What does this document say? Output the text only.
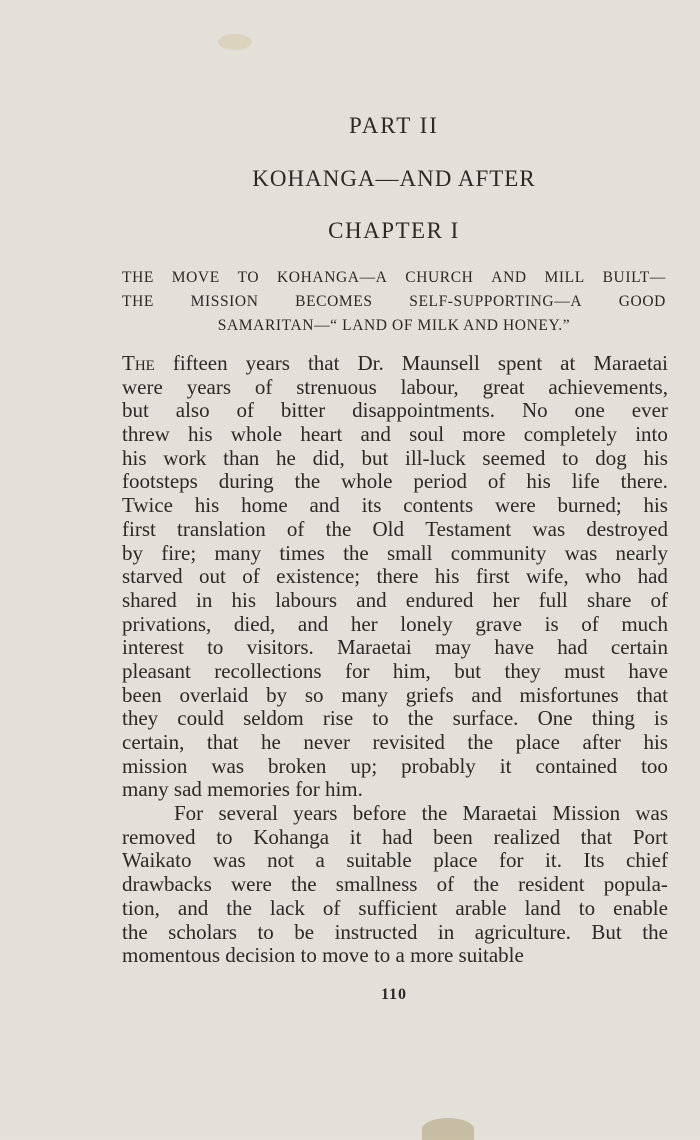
PART II
KOHANGA—AND AFTER
CHAPTER I
THE MOVE TO KOHANGA—A CHURCH AND MILL BUILT—
THE MISSION BECOMES SELF-SUPPORTING—A GOOD
SAMARITAN—“ LAND OF MILK AND HONEY.”
The fifteen years that Dr. Maunsell spent at Maraetai
were years of strenuous labour, great achievements,
but also of bitter disappointments. No one ever
threw his whole heart and soul more completely into
his work than he did, but ill-luck seemed to dog his
footsteps during the whole period of his life there.
Twice his home and its contents were burned; his
first translation of the Old Testament was destroyed
by fire; many times the small community was nearly
starved out of existence; there his first wife, who had
shared in his labours and endured her full share of
privations, died, and her lonely grave is of much
interest to visitors. Maraetai may have had certain
pleasant recollections for him, but they must have
been overlaid by so many griefs and misfortunes that
they could seldom rise to the surface. One thing is
certain, that he never revisited the place after his
mission was broken up; probably it contained too
many sad memories for him.
For several years before the Maraetai Mission was
removed to Kohanga it had been realized that Port
Waikato was not a suitable place for it. Its chief
drawbacks were the smallness of the resident popula-
tion, and the lack of sufficient arable land to enable
the scholars to be instructed in agriculture. But the
momentous decision to move to a more suitable
110
